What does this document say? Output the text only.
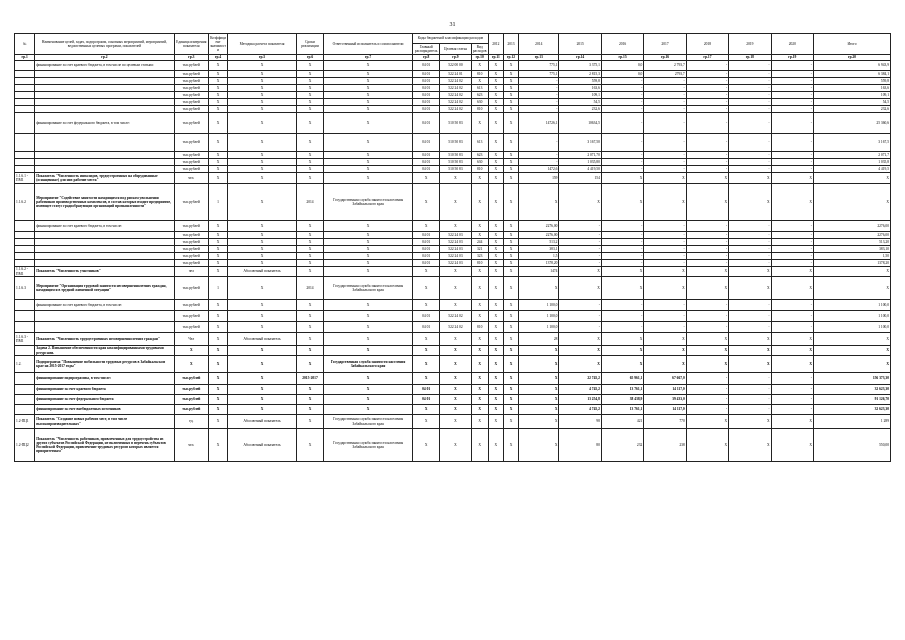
31
№	Наименование целей, задач, подпрограмм, основных мероприятий, мероприятий, ведомственных целевых программ, показателей	Единица измерения показателя	Коэффициент значимости	Методика расчета показателя	Сроки реализации	Ответственный исполнитель и соисполнители	Коды бюджетной классификации расходов			2012	2013	2014	2015	2016	2017	2018	2019	2020	Итого
							Главный распорядитель	Целевая статья	Вид расходов										
гр.1	гр.2	гр.3	гр.4	гр.5	гр.6	гр.7	гр.8	гр.9	гр.10	гр.11	гр.12	гр.13	гр.14	гр.15	гр.16	гр.17	гр.18	гр.19	гр.20
	финансирование за счет краевого бюджета, в том числе по целевым статьям:	тыс.рублей	X	X	X	X	04 01	522 00 00	X	X	X	775,1	3 375,1	0,0	2 793,7	-	-	-	6 943,9
		тыс.рублей	X	X	X	X	04 01	522 24 01	810	X	X	775,1	2 815,3	0,0	2793,7	-	-	-	6 384,1
		тыс.рублей	X	X	X	X	04 01	522 24 02	X	X	X	-	559,8	-	-	-	-	-	559,8
		тыс.рублей	X	X	X	X	04 01	522 24 02	613	X	X	-	163,6	-	-	-	-	-	163,6
		тыс.рублей	X	X	X	X	04 01	522 24 02	623	X	X	-	109,1	-	-	-	-	-	109,1
		тыс.рублей	X	X	X	X	04 01	522 24 02	630	X	X	-	54,5	-	-	-	-	-	54,5
		тыс.рублей	X	X	X	X	04 01	522 24 02	810	X	X	-	232,6	-	-	-	-	-	232,6
	финансирование за счет федерального бюджета, в том числе:	тыс.рублей	X	X	X	X	04 01	510 50 83	X	X	X	14726,1	10634,5	-	-	-	-	-	25 360,6
		тыс.рублей	X	X	X	X	04 01	510 50 83	613	X	X	-	3 167,50	-	-	-	-	-	3 167,5
		тыс.рублей	X	X	X	X	04 01	510 50 83	623	X	X	-	2 071,70	-	-	-	-	-	2 071,7
		тыс.рублей	X	X	X	X	04 01	510 50 83	630	X	X	-	1 035,80	-	-	-	-	-	1 035,8
		тыс.рублей	X	X	X	X	04 01	510 50 83	810	X	X	1472,6	4 419,50	-	-	-	-	-	4 419,5
1.1.6.1 - ПМ1	Показатель "Численность инвалидов, трудоустроенных на оборудованные (оснащенные) для них рабочие места"	чел.	X	X	X	X	X	X	X	X	X	159	154	X	X	X	X	X	X
1.1.6.2	Мероприятие "Содействие занятости находящихся под риском увольнения работников производственных комплексов, в состав которых входит предприятие, имеющее статус градообразующих организаций промышленности"	тыс.рублей	1	X	2014	Государственная служба занятости населения Забайкальского края	X	X	X	X	X	X	X	X	X	X	X	X	X
	финансирование за счет краевого бюджета, в том числе:	тыс.рублей	X	X	X	X	X	X	X	X	X	2276,00	-	-	-	-	-	-	2276,00
		тыс.рублей	X	X	X	X	04 01	522 24 03	X	X	X	2276,00	-	-	-	-	-	-	2276,00
		тыс.рублей	X	X	X	X	04 01	522 24 03	244	X	X	513,2	-	-	-	-	-	-	513,20
		тыс.рублей	X	X	X	X	04 01	522 24 03	321	X	X	383,1	-	-	-	-	-	-	383,10
		тыс.рублей	X	X	X	X	04 01	522 24 03	323	X	X	1,5	-	-	-	-	-	-	1,50
		тыс.рублей	X	X	X	X	04 01	522 24 03	810	X	X	1378,20	-	-	-	-	-	-	1378,20
1.1.6.2 - ПМ1	Показатель "Численность участников"	чел	X	Абсолютный показатель	X	X	X	X	X	X	X	1474	X	X	X	X	X	X	X
1.1.6.3	Мероприятие "Организация трудовой занятости несовершеннолетних граждан, находящихся в трудной жизненной ситуации"	тыс.рублей	1	X	2014	Государственная служба занятости населения Забайкальского края	X	X	X	X	X	X	X	X	X	X	X	X	X
	финансирование за счет краевого бюджета, в том числе:	тыс.рублей	X	X	X	X	X	X	X	X	X	1 100,0	-	-	-	-	-	-	1 100,0
		тыс.рублей	X	X	X	X	04 01	522 24 02	X	X	X	1 100,0	-	-	-	-	-	-	1 100,0
		тыс.рублей	X	X	X	X	04 01	522 24 02	810	X	X	1 100,0	-	-	-	-	-	-	1 100,0
1.1.6.3 - ПМ1	Показатель "Численность трудоустроенных несовершеннолетних граждан"	Чел	X	Абсолютный показатель	X	X	X	X	X	X	X	28	X	X	X	X	X	X	X
	Задача 2. Повышение обеспеченности края квалифицированными трудовыми ресурсами.	X	X	X	X	X	X	X	X	X	X	X	X	X	X	X	X	X	X
1.2.	Подпрограмма "Повышение мобильности трудовых ресурсов в Забайкальском крае на 2015-2017 годы"	X	X	X	X	Государственная служба занятости населения Забайкальского края	X	X	X	X	X	X	X	X	X	X	X	X	X
	финансирование подпрограммы, в том числе:	тыс.рублей	X	X	2015-2017	X	X	X	X	X	X	X	22 745,2	65 961,1	67 667,0	-	-	-	156 373,30
	финансирование за счет краевого бюджета	тыс.рублей	X	X	X	X	04 01	X	X	X	X	X	4 745,2	13 761,1	14 117,0	-	-	-	32 623,30
	финансирование за счет федерального бюджета	тыс.рублей	X	X	X	X	04 01	X	X	X	X	X	13 254,8	38 438,9	39 433,0	-	-	-	91 126,70
	финансирование за счет внебюджетных источников	тыс.рублей	X	X	X	X	X	X	X	X	X	X	4 745,2	13 761,1	14 117,0	-	-	-	32 623,30
1.2-ПЦ1	Показатель "Создание новых рабочих мест, в том числе высокопроизводительных"	ед.	X	Абсолютный показатель	X	Государственная служба занятости населения Забайкальского края	X	X	X	X	X	X	98	421	770	X	X	X	1 289
1.2-ПЦ2	Показатель "Численность работников, привлеченных для трудоустройства из других субъектов Российской Федерации, не включенных в перечень субъектов Российской Федерации, привлечение трудовых ресурсов которых является приоритетным"	чел.	X	Абсолютный показатель	X	Государственная служба занятости населения Забайкальского края	X	X	X	X	X	X	80	232	238	X	X	X	550,00
